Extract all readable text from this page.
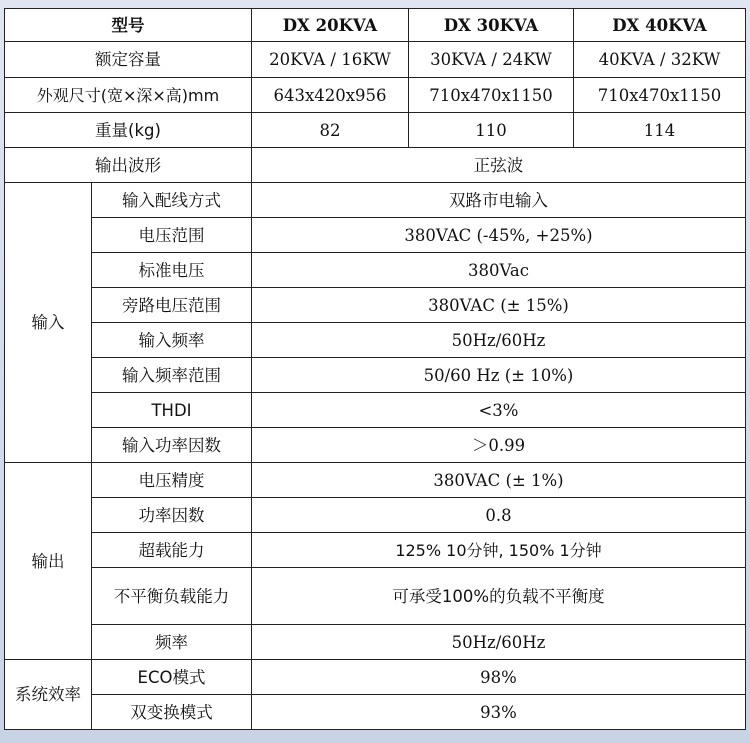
型号		DX 20KVA	DX 30KVA	DX 40KVA
额定容量		20KVA / 16KW	30KVA / 24KW	40KVA / 32KW
外观尺寸(宽×深×高)mm		643x420x956	710x470x1150	710x470x1150
重量(kg)		82	110	114
输出波形		正弦波		
输入	输入配线方式	双路市电输入		
	电压范围	380VAC (-45%, +25%)		
	标准电压	380Vac		
	旁路电压范围	380VAC (± 15%)		
	输入频率	50Hz/60Hz		
	输入频率范围	50/60 Hz (± 10%)		
	THDI	<3%		
	输入功率因数	＞0.99		
输出	电压精度	380VAC (± 1%)		
	功率因数	0.8		
	超载能力	125% 10分钟, 150% 1分钟		
	不平衡负载能力	可承受100%的负载不平衡度		
	频率	50Hz/60Hz		
系统效率	ECO模式	98%		
	双变换模式	93%		
